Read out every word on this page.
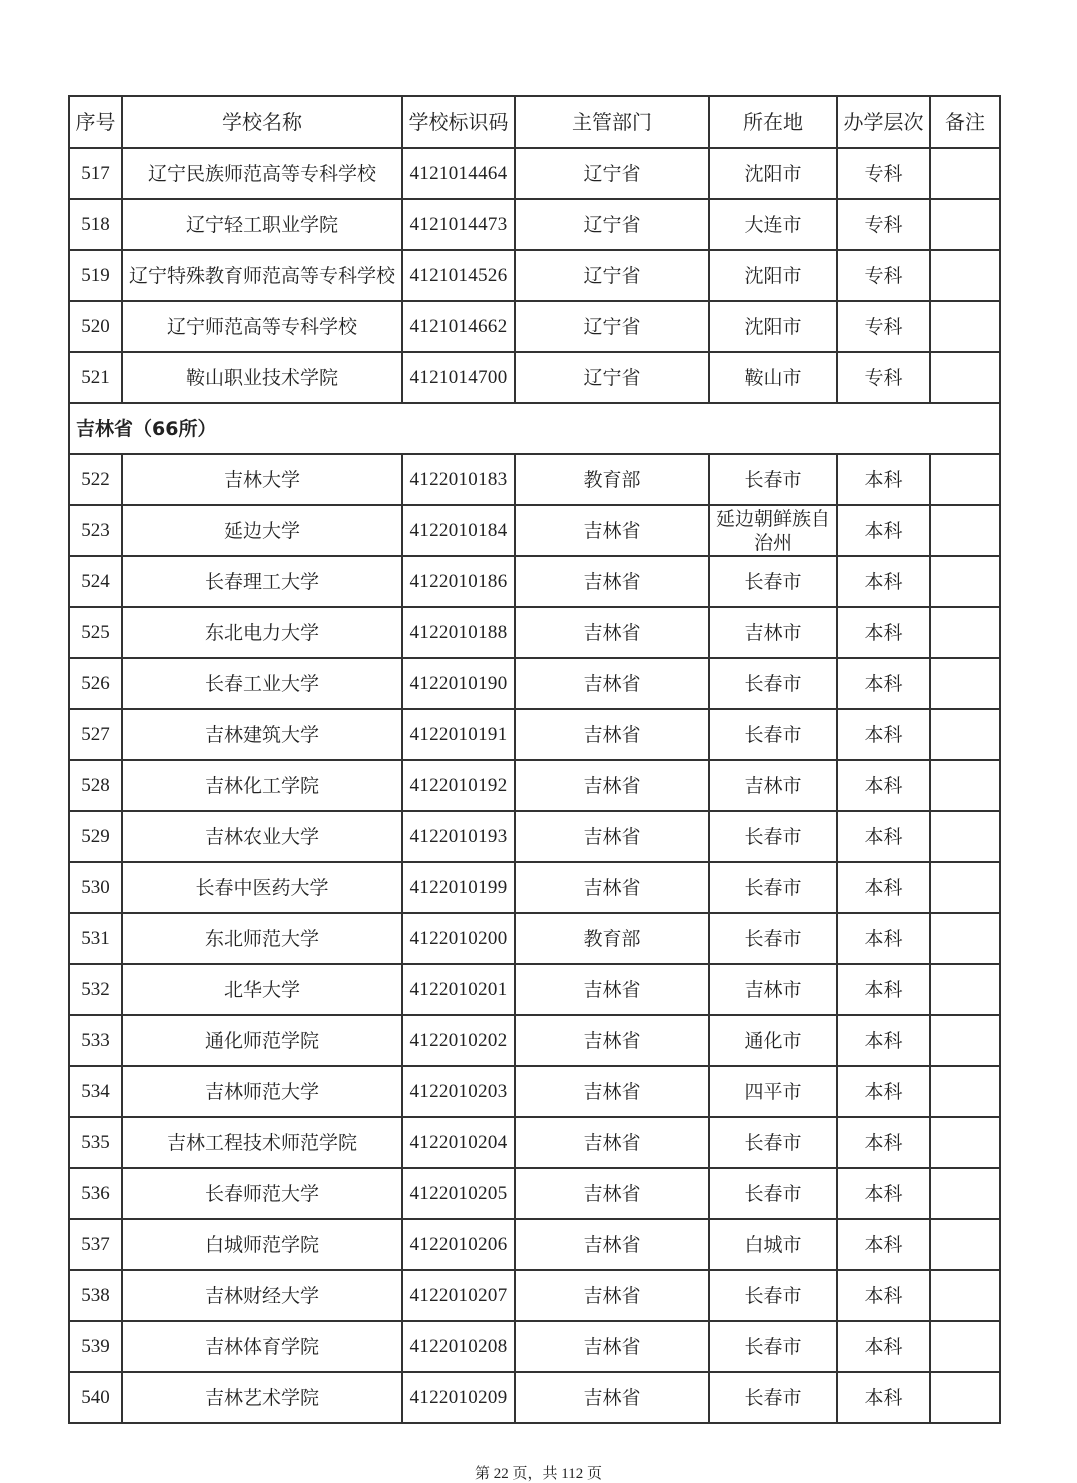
序号	学校名称	学校标识码	主管部门	所在地	办学层次	备注
517	辽宁民族师范高等专科学校	4121014464	辽宁省	沈阳市	专科	
518	辽宁轻工职业学院	4121014473	辽宁省	大连市	专科	
519	辽宁特殊教育师范高等专科学校	4121014526	辽宁省	沈阳市	专科	
520	辽宁师范高等专科学校	4121014662	辽宁省	沈阳市	专科	
521	鞍山职业技术学院	4121014700	辽宁省	鞍山市	专科	
吉林省（66所）						
522	吉林大学	4122010183	教育部	长春市	本科	
523	延边大学	4122010184	吉林省	延边朝鲜族自治州	本科	
524	长春理工大学	4122010186	吉林省	长春市	本科	
525	东北电力大学	4122010188	吉林省	吉林市	本科	
526	长春工业大学	4122010190	吉林省	长春市	本科	
527	吉林建筑大学	4122010191	吉林省	长春市	本科	
528	吉林化工学院	4122010192	吉林省	吉林市	本科	
529	吉林农业大学	4122010193	吉林省	长春市	本科	
530	长春中医药大学	4122010199	吉林省	长春市	本科	
531	东北师范大学	4122010200	教育部	长春市	本科	
532	北华大学	4122010201	吉林省	吉林市	本科	
533	通化师范学院	4122010202	吉林省	通化市	本科	
534	吉林师范大学	4122010203	吉林省	四平市	本科	
535	吉林工程技术师范学院	4122010204	吉林省	长春市	本科	
536	长春师范大学	4122010205	吉林省	长春市	本科	
537	白城师范学院	4122010206	吉林省	白城市	本科	
538	吉林财经大学	4122010207	吉林省	长春市	本科	
539	吉林体育学院	4122010208	吉林省	长春市	本科	
540	吉林艺术学院	4122010209	吉林省	长春市	本科	
第 22 页，共 112 页
